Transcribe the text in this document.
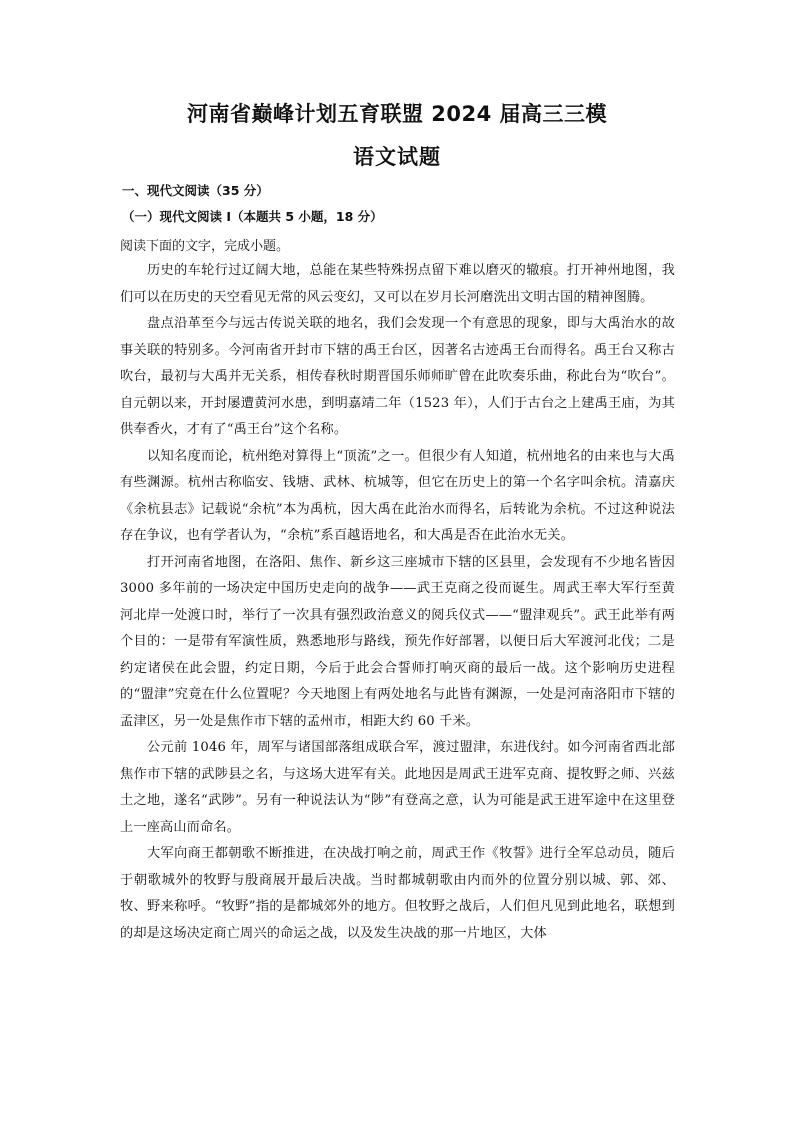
河南省巅峰计划五育联盟 2024 届高三三模
语文试题
一、现代文阅读（35 分）
（一）现代文阅读 I（本题共 5 小题，18 分）
阅读下面的文字，完成小题。

历史的车轮行过辽阔大地，总能在某些特殊拐点留下难以磨灭的辙痕。打开神州地图，我们可以在历史的天空看见无常的风云变幻，又可以在岁月长河磨洗出文明古国的精神图腾。

盘点沿革至今与远古传说关联的地名，我们会发现一个有意思的现象，即与大禹治水的故事关联的特别多。今河南省开封市下辖的禹王台区，因著名古迹禹王台而得名。禹王台又称古吹台，最初与大禹并无关系，相传春秋时期晋国乐师师旷曾在此吹奏乐曲，称此台为“吹台”。自元朝以来，开封屡遭黄河水患，到明嘉靖二年（1523 年），人们于古台之上建禹王庙，为其供奉香火，才有了“禹王台”这个名称。

以知名度而论，杭州绝对算得上“顶流”之一。但很少有人知道，杭州地名的由来也与大禹有些渊源。杭州古称临安、钱塘、武林、杭城等，但它在历史上的第一个名字叫余杭。清嘉庆《余杭县志》记载说“余杭”本为禹杭，因大禹在此治水而得名，后转讹为余杭。不过这种说法存在争议，也有学者认为，“余杭”系百越语地名，和大禹是否在此治水无关。

打开河南省地图，在洛阳、焦作、新乡这三座城市下辖的区县里，会发现有不少地名皆因 3000 多年前的一场决定中国历史走向的战争——武王克商之役而诞生。周武王率大军行至黄河北岸一处渡口时，举行了一次具有强烈政治意义的阅兵仪式——“盟津观兵”。武王此举有两个目的：一是带有军演性质，熟悉地形与路线，预先作好部署，以便日后大军渡河北伐；二是约定诸侯在此会盟，约定日期，今后于此会合誓师打响灭商的最后一战。这个影响历史进程的“盟津”究竟在什么位置呢？今天地图上有两处地名与此皆有渊源，一处是河南洛阳市下辖的孟津区，另一处是焦作市下辖的孟州市，相距大约 60 千米。

公元前 1046 年，周军与诸国部落组成联合军，渡过盟津，东进伐纣。如今河南省西北部焦作市下辖的武陟县之名，与这场大进军有关。此地因是周武王进军克商、提牧野之师、兴兹土之地，遂名“武陟”。另有一种说法认为“陟”有登高之意，认为可能是武王进军途中在这里登上一座高山而命名。

大军向商王都朝歌不断推进，在决战打响之前，周武王作《牧誓》进行全军总动员，随后于朝歌城外的牧野与殷商展开最后决战。当时都城朝歌由内而外的位置分别以城、郭、郊、牧、野来称呼。“牧野”指的是都城郊外的地方。但牧野之战后，人们但凡见到此地名，联想到的却是这场决定商亡周兴的命运之战，以及发生决战的那一片地区，大体
